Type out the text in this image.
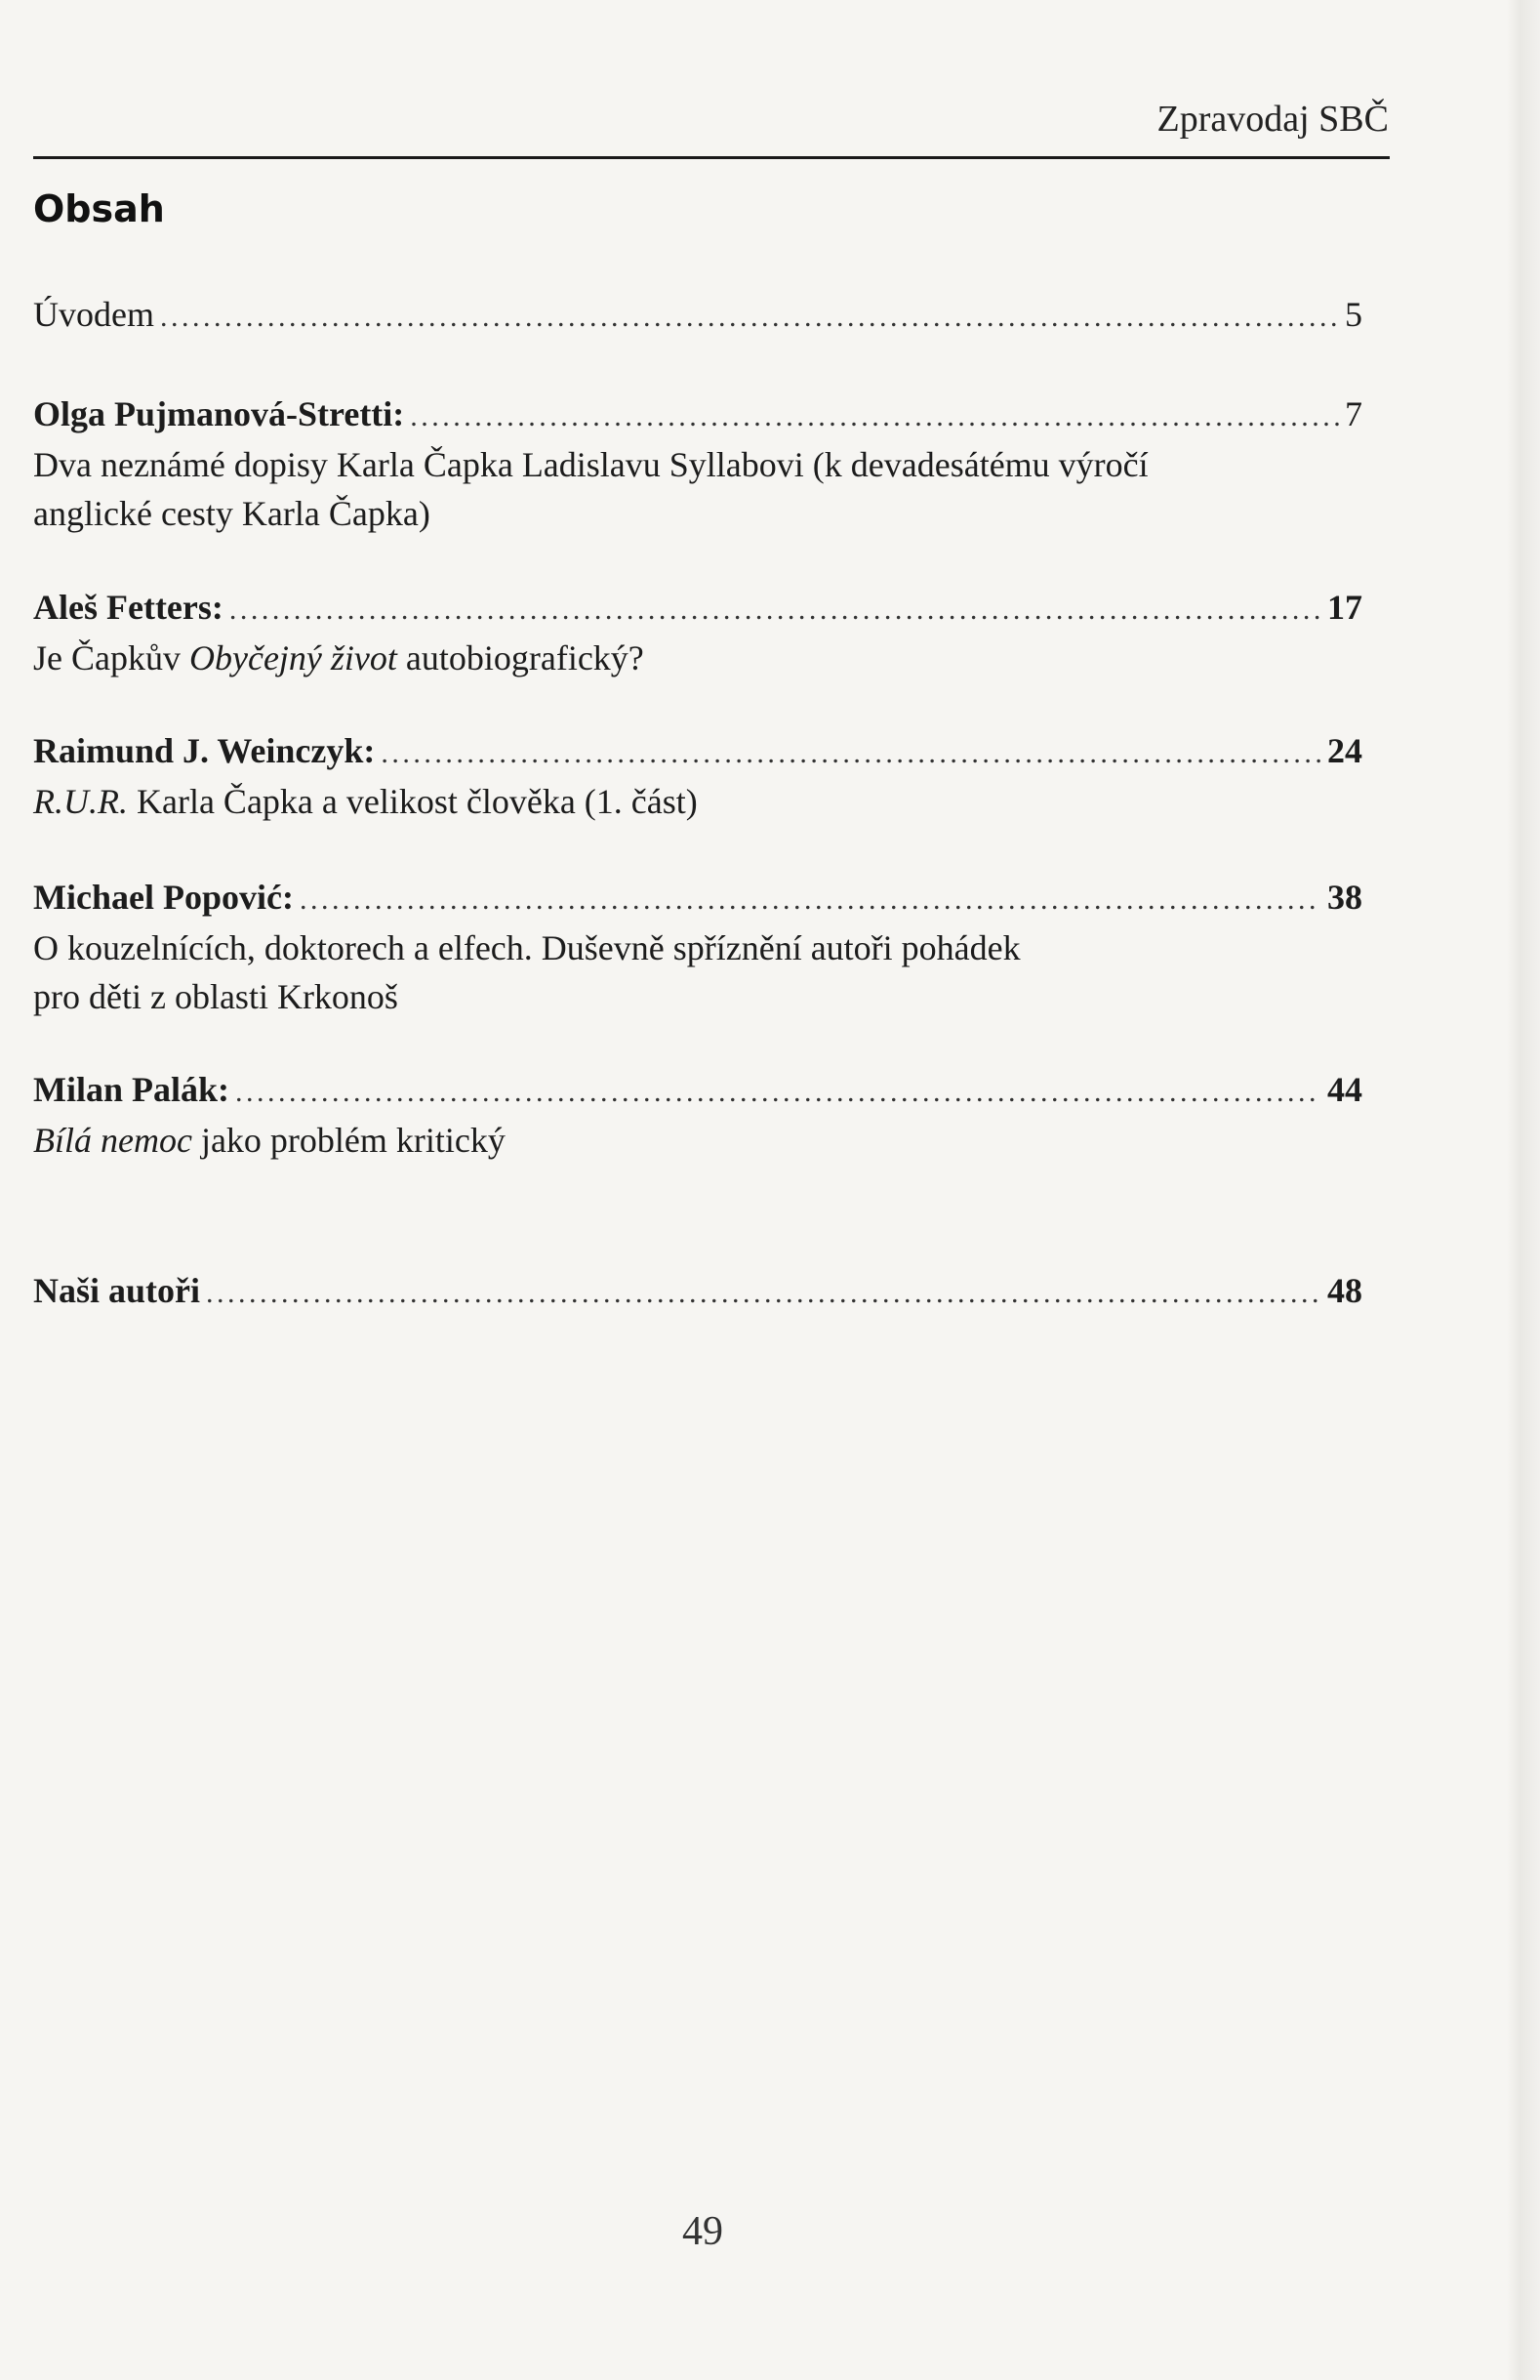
Zpravodaj SBČ
Obsah
Úvodem . . .	5
Olga Pujmanová-Stretti: . . .	7
Dva neznámé dopisy Karla Čapka Ladislavu Syllabovi (k devadesátému výročí
anglické cesty Karla Čapka)
Aleš Fetters: . . .	17
Je Čapkův Obyčejný život autobiografický?
Raimund J. Weinczyk: . . .	24
R.U.R. Karla Čapka a velikost člověka (1. část)
Michael Popović: . . .	38
O kouzelnících, doktorech a elfech. Duševně spříznění autoři pohádek
pro děti z oblasti Krkonoš
Milan Palák: . . .	44
Bílá nemoc jako problém kritický
Naši autoři . . .	48
49
